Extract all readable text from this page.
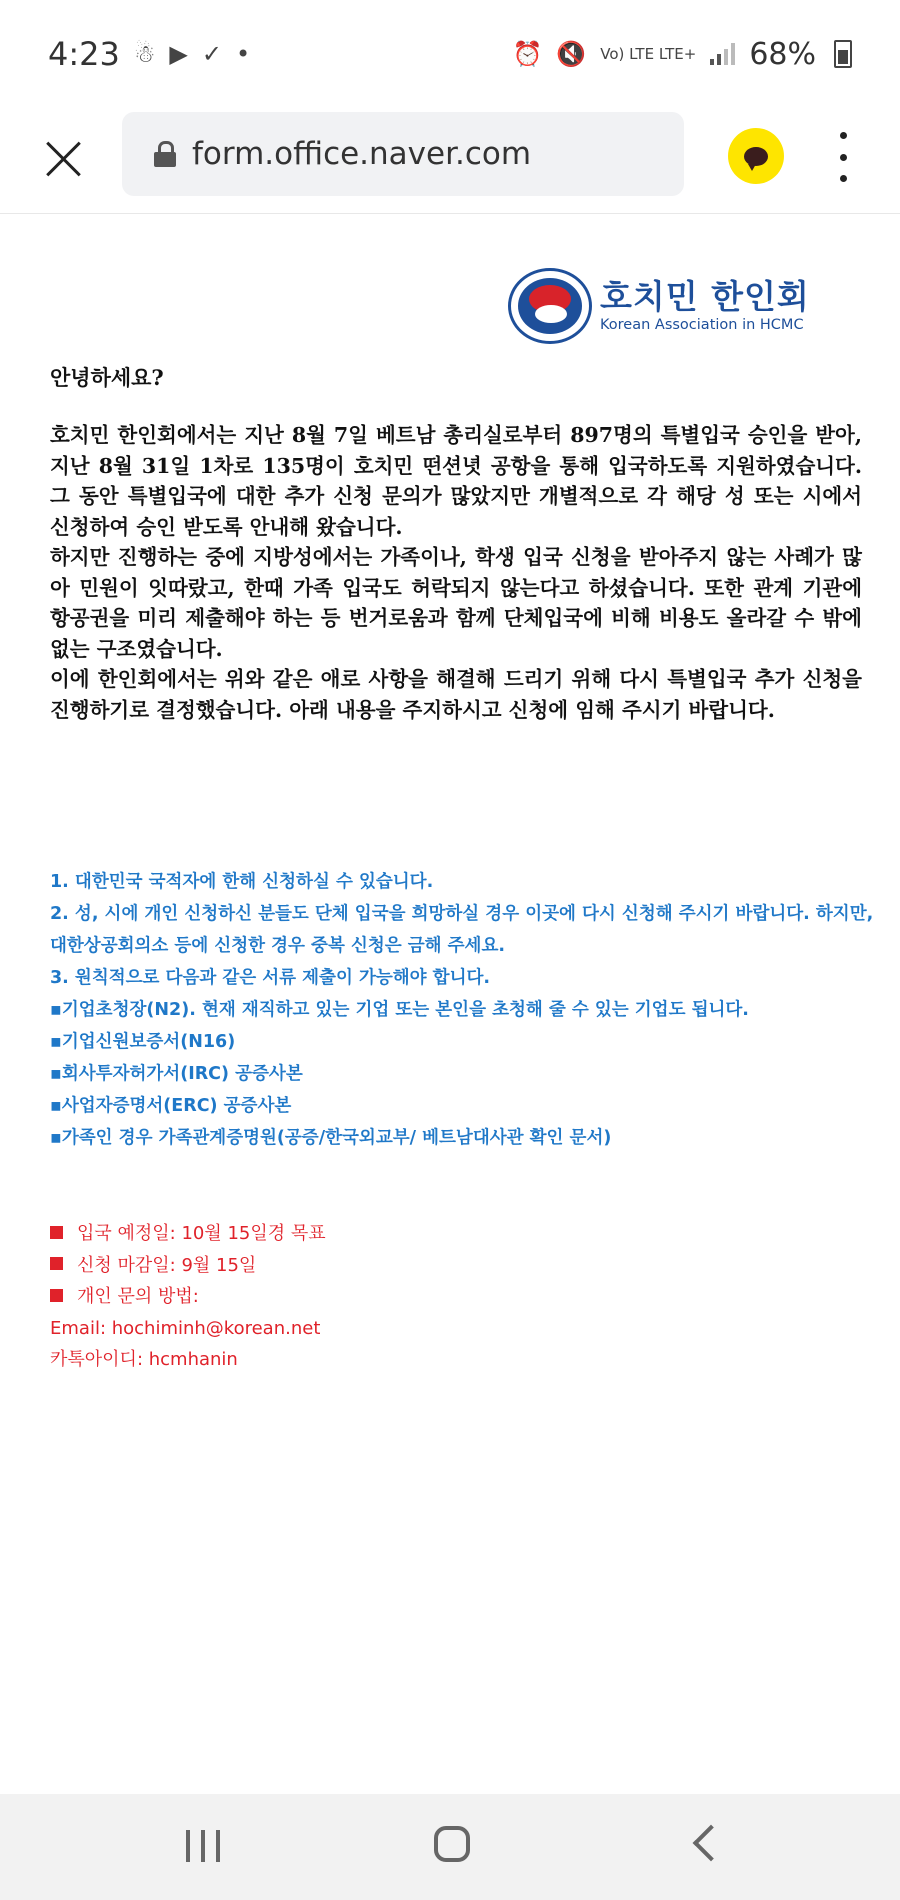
4:23 ☃ ▶ ✓ •	⏰ 🔇 Vo) LTE LTE+ 68%
form.office.naver.com
호치민 한인회
Korean Association in HCMC
안녕하세요?

호치민 한인회에서는 지난 8월 7일 베트남 총리실로부터 897명의 특별입국 승인을 받아, 지난 8월 31일 1차로 135명이 호치민 떤션녓 공항을 통해 입국하도록 지원하였습니다. 그 동안 특별입국에 대한 추가 신청 문의가 많았지만 개별적으로 각 해당 성 또는 시에서 신청하여 승인 받도록 안내해 왔습니다.

하지만 진행하는 중에 지방성에서는 가족이나, 학생 입국 신청을 받아주지 않는 사례가 많아 민원이 잇따랐고, 한때 가족 입국도 허락되지 않는다고 하셨습니다. 또한 관계 기관에 항공권을 미리 제출해야 하는 등 번거로움과 함께 단체입국에 비해 비용도 올라갈 수 밖에 없는 구조였습니다.

이에 한인회에서는 위와 같은 애로 사항을 해결해 드리기 위해 다시 특별입국 추가 신청을 진행하기로 결정했습니다. 아래 내용을 주지하시고 신청에 임해 주시기 바랍니다.

1. 대한민국 국적자에 한해 신청하실 수 있습니다.
2. 성, 시에 개인 신청하신 분들도 단체 입국을 희망하실 경우 이곳에 다시 신청해 주시기 바랍니다. 하지만, 대한상공회의소 등에 신청한 경우 중복 신청은 금해 주세요.
3. 원칙적으로 다음과 같은 서류 제출이 가능해야 합니다.
▪︎기업초청장(N2). 현재 재직하고 있는 기업 또는 본인을 초청해 줄 수 있는 기업도 됩니다.
▪︎기업신원보증서(N16)
▪︎회사투자허가서(IRC) 공증사본
▪︎사업자증명서(ERC) 공증사본
▪︎가족인 경우 가족관계증명원(공증/한국외교부/ 베트남대사관 확인 문서)
입국 예정일: 10월 15일경 목표
신청 마감일: 9월 15일
개인 문의 방법:
Email: hochiminh@korean.net
카톡아이디: hcmhanin
